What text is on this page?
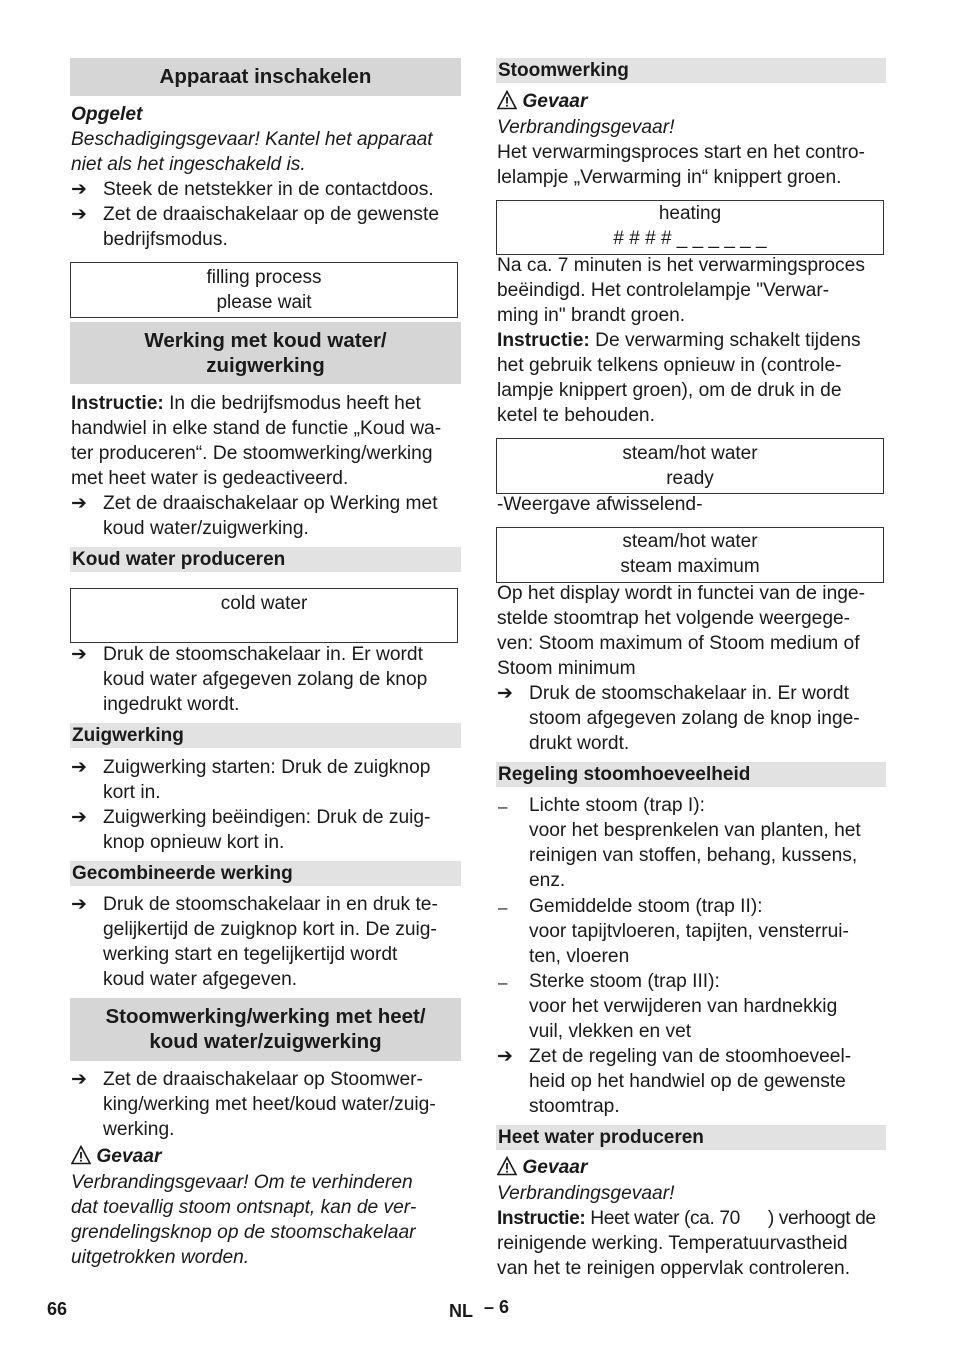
Apparaat inschakelen
Opgelet
Beschadigingsgevaar! Kantel het apparaat
niet als het ingeschakeld is.
➔ Steek de netstekker in de contactdoos.
➔ Zet de draaischakelaar op de gewenste
bedrijfsmodus.
filling process
please wait
Werking met koud water/
zuigwerking
Instructie: In die bedrijfsmodus heeft het
handwiel in elke stand de functie „Koud wa-
ter produceren“. De stoomwerking/werking
met heet water is gedeactiveerd.
➔ Zet de draaischakelaar op Werking met
koud water/zuigwerking.
Koud water produceren
cold water
➔ Druk de stoomschakelaar in. Er wordt
koud water afgegeven zolang de knop
ingedrukt wordt.
Zuigwerking
➔ Zuigwerking starten: Druk de zuigknop
kort in.
➔ Zuigwerking beëindigen: Druk de zuig-
knop opnieuw kort in.
Gecombineerde werking
➔ Druk de stoomschakelaar in en druk te-
gelijkertijd de zuigknop kort in. De zuig-
werking start en tegelijkertijd wordt
koud water afgegeven.
Stoomwerking/werking met heet/
koud water/zuigwerking
➔ Zet de draaischakelaar op Stoomwer-
king/werking met heet/koud water/zuig-
werking.
Gevaar
Verbrandingsgevaar! Om te verhinderen
dat toevallig stoom ontsnapt, kan de ver-
grendelingsknop op de stoomschakelaar
uitgetrokken worden.
Stoomwerking
Gevaar
Verbrandingsgevaar!
Het verwarmingsproces start en het contro-
lelampje „Verwarming in“ knippert groen.
heating
# # # # _ _ _ _ _ _
Na ca. 7 minuten is het verwarmingsproces
beëindigd. Het controlelampje "Verwar-
ming in" brandt groen.
Instructie: De verwarming schakelt tijdens
het gebruik telkens opnieuw in (controle-
lampje knippert groen), om de druk in de
ketel te behouden.
steam/hot water
ready
-Weergave afwisselend-
steam/hot water
steam maximum
Op het display wordt in functei van de inge-
stelde stoomtrap het volgende weergege-
ven: Stoom maximum of Stoom medium of
Stoom minimum
➔ Druk de stoomschakelaar in. Er wordt
stoom afgegeven zolang de knop inge-
drukt wordt.
Regeling stoomhoeveelheid
– Lichte stoom (trap I):
voor het besprenkelen van planten, het
reinigen van stoffen, behang, kussens,
enz.
– Gemiddelde stoom (trap II):
voor tapijtvloeren, tapijten, vensterrui-
ten, vloeren
– Sterke stoom (trap III):
voor het verwijderen van hardnekkig
vuil, vlekken en vet
➔ Zet de regeling van de stoomhoeveel-
heid op het handwiel op de gewenste
stoomtrap.
Heet water produceren
Gevaar
Verbrandingsgevaar!
Instructie: Heet water (ca. 70  ) verhoogt de
reinigende werking. Temperatuurvastheid
van het te reinigen oppervlak controleren.
66	NL – 6
